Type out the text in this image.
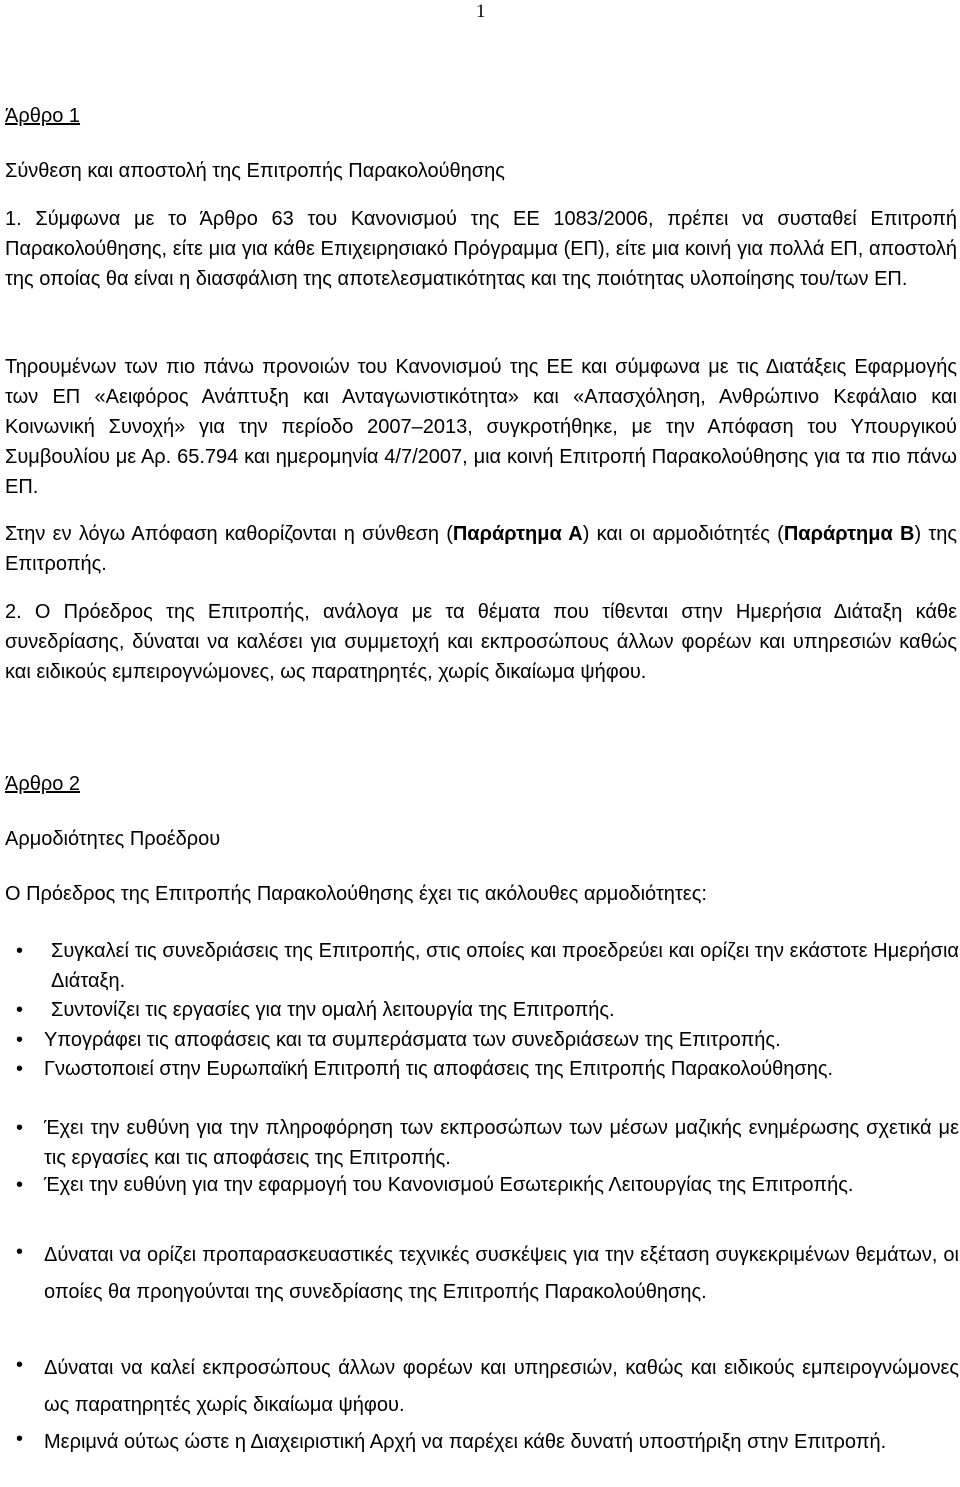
1
Άρθρο 1
Σύνθεση και αποστολή της Επιτροπής Παρακολούθησης

1. Σύμφωνα με το Άρθρο 63 του Κανονισμού της ΕΕ 1083/2006, πρέπει να συσταθεί Επιτροπή Παρακολούθησης, είτε μια για κάθε Επιχειρησιακό Πρόγραμμα (ΕΠ), είτε μια κοινή για πολλά ΕΠ, αποστολή της οποίας θα είναι η διασφάλιση της αποτελεσματικότητας και της ποιότητας υλοποίησης του/των ΕΠ.

Τηρουμένων των πιο πάνω προνοιών του Κανονισμού της ΕΕ και σύμφωνα με τις Διατάξεις Εφαρμογής των ΕΠ «Αειφόρος Ανάπτυξη και Ανταγωνιστικότητα» και «Απασχόληση, Ανθρώπινο Κεφάλαιο και Κοινωνική Συνοχή» για την περίοδο 2007–2013, συγκροτήθηκε, με την Απόφαση του Υπουργικού Συμβουλίου με Αρ. 65.794 και ημερομηνία 4/7/2007, μια κοινή Επιτροπή Παρακολούθησης για τα πιο πάνω ΕΠ.

Στην εν λόγω Απόφαση καθορίζονται η σύνθεση (Παράρτημα Α) και οι αρμοδιότητές (Παράρτημα Β) της Επιτροπής.

2. Ο Πρόεδρος της Επιτροπής, ανάλογα με τα θέματα που τίθενται στην Ημερήσια Διάταξη κάθε συνεδρίασης, δύναται να καλέσει για συμμετοχή και εκπροσώπους άλλων φορέων και υπηρεσιών καθώς και ειδικούς εμπειρογνώμονες, ως παρατηρητές, χωρίς δικαίωμα ψήφου.

Άρθρο 2
Αρμοδιότητες Προέδρου
Ο Πρόεδρος της Επιτροπής Παρακολούθησης έχει τις ακόλουθες αρμοδιότητες:
• Συγκαλεί τις συνεδριάσεις της Επιτροπής, στις οποίες και προεδρεύει και ορίζει την εκάστοτε Ημερήσια Διάταξη.
• Συντονίζει τις εργασίες για την ομαλή λειτουργία της Επιτροπής.
• Υπογράφει τις αποφάσεις και τα συμπεράσματα των συνεδριάσεων της Επιτροπής.
• Γνωστοποιεί στην Ευρωπαϊκή Επιτροπή τις αποφάσεις της Επιτροπής Παρακολούθησης.
• Έχει την ευθύνη για την πληροφόρηση των εκπροσώπων των μέσων μαζικής ενημέρωσης σχετικά με τις εργασίες και τις αποφάσεις της Επιτροπής.
• Έχει την ευθύνη για την εφαρμογή του Κανονισμού Εσωτερικής Λειτουργίας της Επιτροπής.
• Δύναται να ορίζει προπαρασκευαστικές τεχνικές συσκέψεις για την εξέταση συγκεκριμένων θεμάτων, οι οποίες θα προηγούνται της συνεδρίασης της Επιτροπής Παρακολούθησης.
• Δύναται να καλεί εκπροσώπους άλλων φορέων και υπηρεσιών, καθώς και ειδικούς εμπειρογνώμονες ως παρατηρητές χωρίς δικαίωμα ψήφου.
• Μεριμνά ούτως ώστε η Διαχειριστική Αρχή να παρέχει κάθε δυνατή υποστήριξη στην Επιτροπή.
